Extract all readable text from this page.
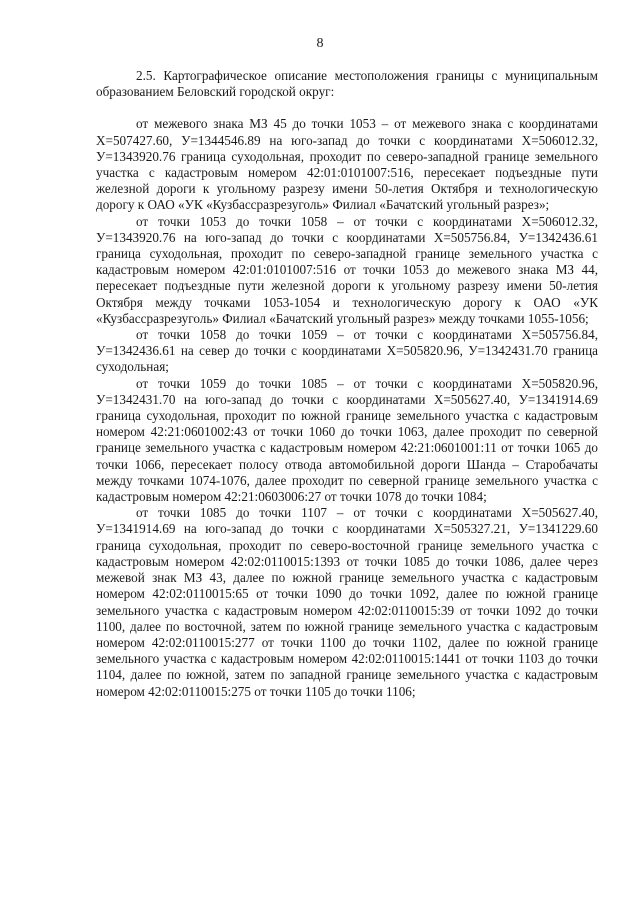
8

2.5. Картографическое описание местоположения границы с муниципальным образованием Беловский городской округ:

от межевого знака МЗ 45 до точки 1053 – от межевого знака с координатами X=507427.60, У=1344546.89 на юго-запад до точки с координатами X=506012.32, У=1343920.76 граница суходольная, проходит по северо-западной границе земельного участка с кадастровым номером 42:01:0101007:516, пересекает подъездные пути железной дороги к угольному разрезу имени 50-летия Октября и технологическую дорогу к ОАО «УК «Кузбассразрезуголь» Филиал «Бачатский угольный разрез»;

от точки 1053 до точки 1058 – от точки с координатами X=506012.32, У=1343920.76 на юго-запад до точки с координатами X=505756.84, У=1342436.61 граница суходольная, проходит по северо-западной границе земельного участка с кадастровым номером 42:01:0101007:516 от точки 1053 до межевого знака МЗ 44, пересекает подъездные пути железной дороги к угольному разрезу имени 50-летия Октября между точками 1053-1054 и технологическую дорогу к ОАО «УК «Кузбассразрезуголь» Филиал «Бачатский угольный разрез» между точками 1055-1056;

от точки 1058 до точки 1059 – от точки с координатами X=505756.84, У=1342436.61 на север до точки с координатами X=505820.96, У=1342431.70 граница суходольная;

от точки 1059 до точки 1085 – от точки с координатами X=505820.96, У=1342431.70 на юго-запад до точки с координатами X=505627.40, У=1341914.69 граница суходольная, проходит по южной границе земельного участка с кадастровым номером 42:21:0601002:43 от точки 1060 до точки 1063, далее проходит по северной границе земельного участка с кадастровым номером 42:21:0601001:11 от точки 1065 до точки 1066, пересекает полосу отвода автомобильной дороги Шанда – Старобачаты между точками 1074-1076, далее проходит по северной границе земельного участка с кадастровым номером 42:21:0603006:27 от точки 1078 до точки 1084;

от точки 1085 до точки 1107 – от точки с координатами X=505627.40, У=1341914.69 на юго-запад до точки с координатами X=505327.21, У=1341229.60 граница суходольная, проходит по северо-восточной границе земельного участка с кадастровым номером 42:02:0110015:1393 от точки 1085 до точки 1086, далее через межевой знак МЗ 43, далее по южной границе земельного участка с кадастровым номером 42:02:0110015:65 от точки 1090 до точки 1092, далее по южной границе земельного участка с кадастровым номером 42:02:0110015:39 от точки 1092 до точки 1100, далее по восточной, затем по южной границе земельного участка с кадастровым номером 42:02:0110015:277 от точки 1100 до точки 1102, далее по южной границе земельного участка с кадастровым номером 42:02:0110015:1441 от точки 1103 до точки 1104, далее по южной, затем по западной границе земельного участка с кадастровым номером 42:02:0110015:275 от точки 1105 до точки 1106;
